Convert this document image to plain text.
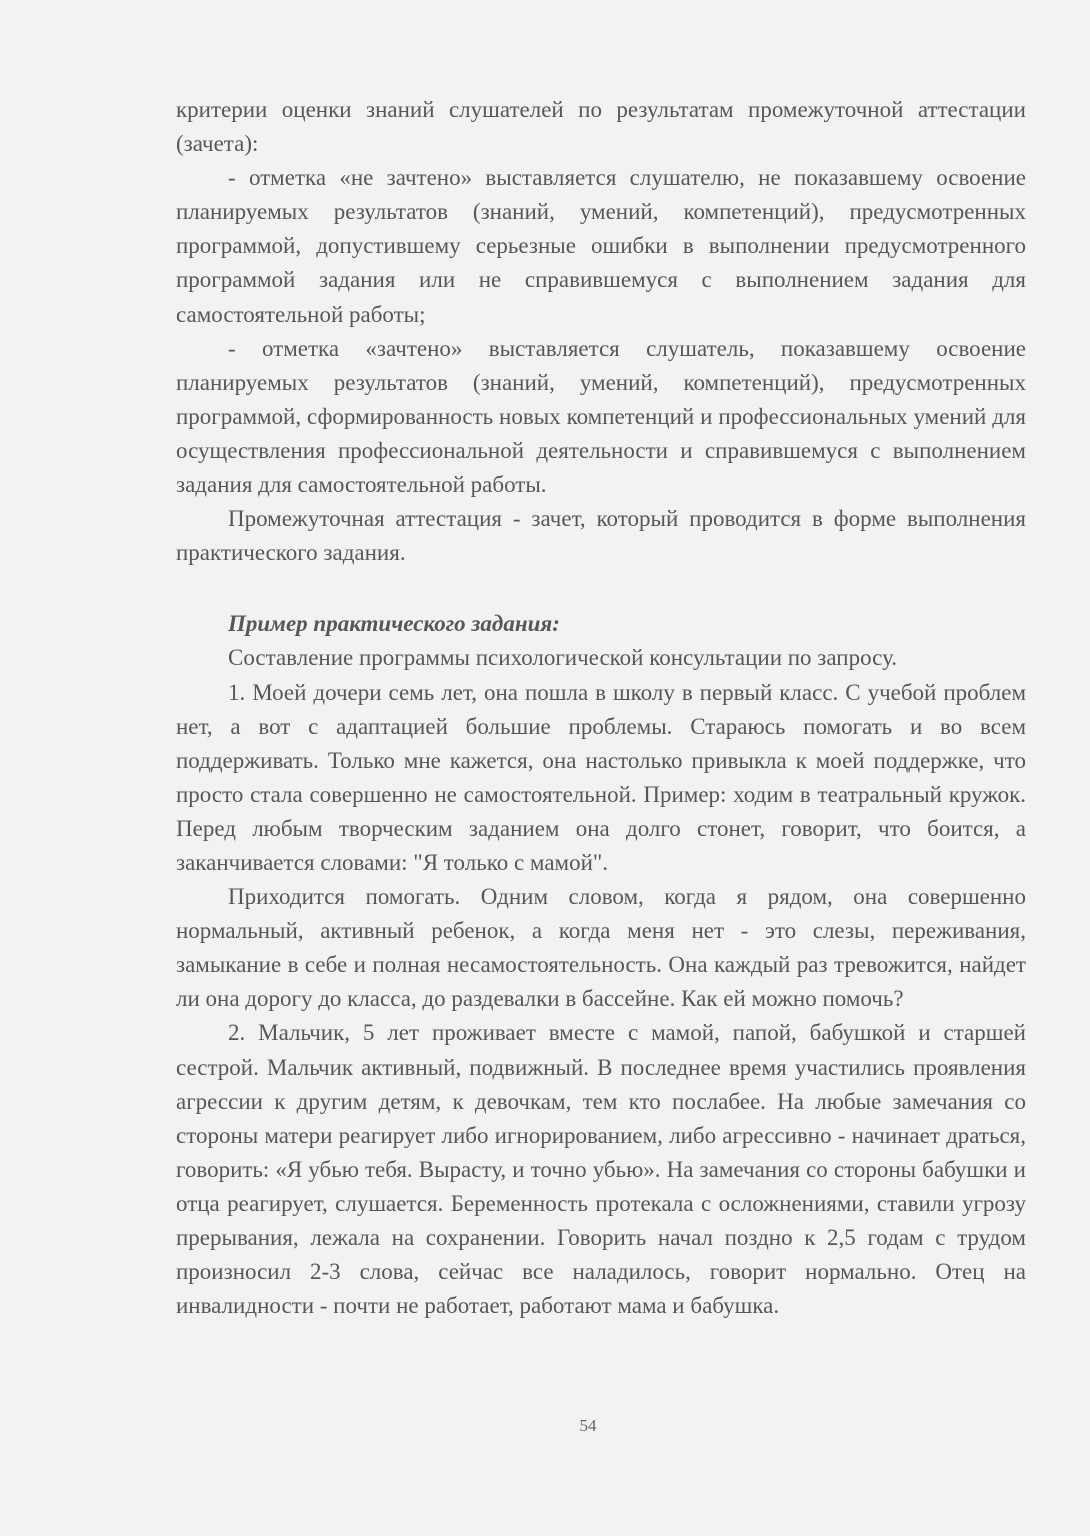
критерии оценки знаний слушателей по результатам промежуточной аттестации (зачета):

- отметка «не зачтено» выставляется слушателю, не показавшему освоение планируемых результатов (знаний, умений, компетенций), предусмотренных программой, допустившему серьезные ошибки в выполнении предусмотренного программой задания или не справившемуся с выполнением задания для самостоятельной работы;

- отметка «зачтено» выставляется слушатель, показавшему освоение планируемых результатов (знаний, умений, компетенций), предусмотренных программой, сформированность новых компетенций и профессиональных умений для осуществления профессиональной деятельности и справившемуся с выполнением задания для самостоятельной работы.

Промежуточная аттестация - зачет, который проводится в форме выполнения практического задания.

Пример практического задания:

Составление программы психологической консультации по запросу.

1. Моей дочери семь лет, она пошла в школу в первый класс. С учебой проблем нет, а вот с адаптацией большие проблемы. Стараюсь помогать и во всем поддерживать. Только мне кажется, она настолько привыкла к моей поддержке, что просто стала совершенно не самостоятельной. Пример: ходим в театральный кружок. Перед любым творческим заданием она долго стонет, говорит, что боится, а заканчивается словами: "Я только с мамой".

Приходится помогать. Одним словом, когда я рядом, она совершенно нормальный, активный ребенок, а когда меня нет - это слезы, переживания, замыкание в себе и полная несамостоятельность. Она каждый раз тревожится, найдет ли она дорогу до класса, до раздевалки в бассейне. Как ей можно помочь?

2. Мальчик, 5 лет проживает вместе с мамой, папой, бабушкой и старшей сестрой. Мальчик активный, подвижный. В последнее время участились проявления агрессии к другим детям, к девочкам, тем кто послабее. На любые замечания со стороны матери реагирует либо игнорированием, либо агрессивно - начинает драться, говорить: «Я убью тебя. Вырасту, и точно убью». На замечания со стороны бабушки и отца реагирует, слушается. Беременность протекала с осложнениями, ставили угрозу прерывания, лежала на сохранении. Говорить начал поздно к 2,5 годам с трудом произносил 2-3 слова, сейчас все наладилось, говорит нормально. Отец на инвалидности - почти не работает, работают мама и бабушка.

54
